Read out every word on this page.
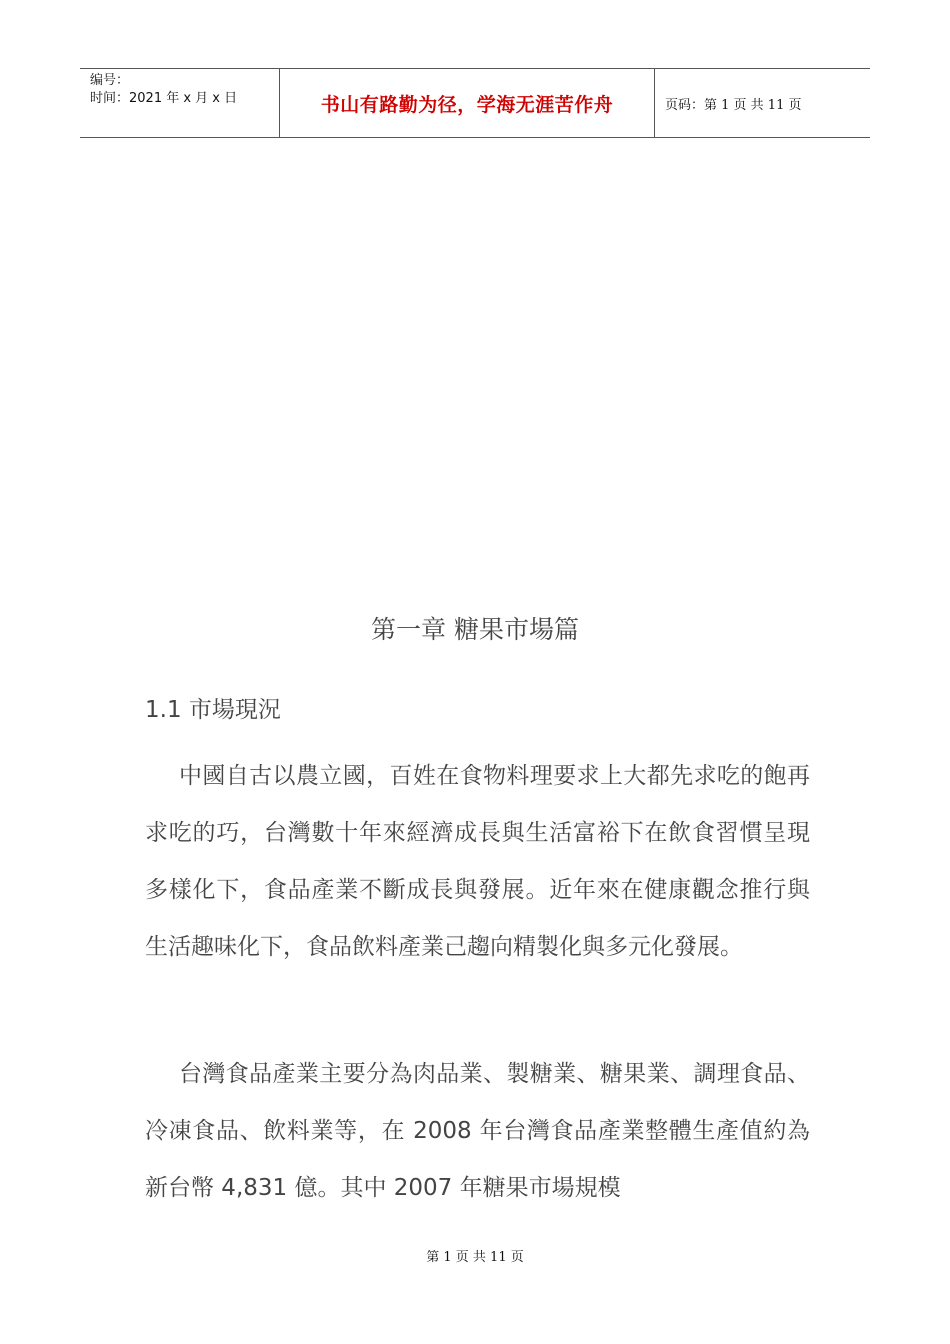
编号：
时间：2021 年 x 月 x 日	书山有路勤为径，学海无涯苦作舟	页码：第 1 页 共 11 页
第一章 糖果市場篇
1.1 市場現況

中國自古以農立國，百姓在食物料理要求上大都先求吃的飽再求吃的巧，台灣數十年來經濟成長與生活富裕下在飲食習慣呈現多樣化下，食品產業不斷成長與發展。近年來在健康觀念推行與生活趣味化下，食品飲料產業己趨向精製化與多元化發展。

台灣食品產業主要分為肉品業、製糖業、糖果業、調理食品、冷凍食品、飲料業等，在 2008 年台灣食品產業整體生產值約為新台幣 4,831 億。其中 2007 年糖果市場規模

第 1 页 共 11 页
